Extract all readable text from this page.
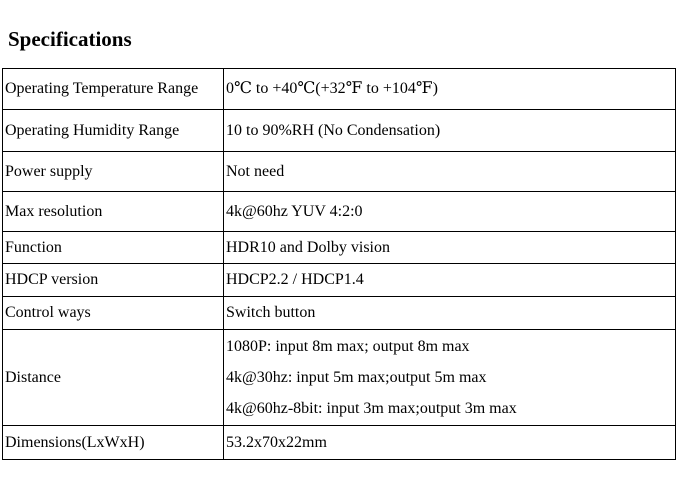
Specifications
Operating Temperature Range	0℃ to +40℃(+32℉ to +104℉)
Operating Humidity Range	10 to 90%RH (No Condensation)
Power supply	Not need
Max resolution	4k@60hz YUV 4:2:0
Function	HDR10 and Dolby vision
HDCP version	HDCP2.2 / HDCP1.4
Control ways	Switch button
Distance	1080P: input 8m max; output 8m max
4k@30hz: input 5m max;output 5m max
4k@60hz-8bit: input 3m max;output 3m max

Dimensions(LxWxH)	53.2x70x22mm
